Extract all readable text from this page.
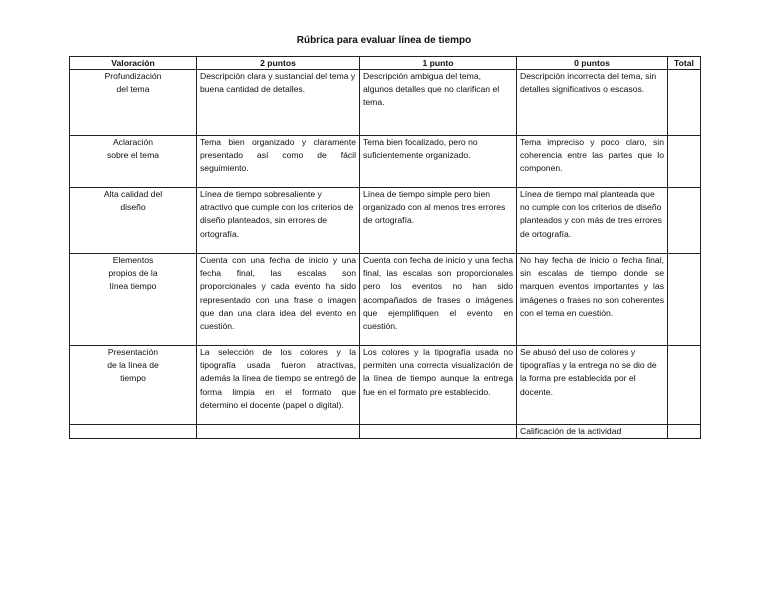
Rúbrica para evaluar línea de tiempo
Valoración	2 puntos	1 punto	0 puntos	Total
Profundización
del tema	Descripción clara y sustancial del tema y buena cantidad de detalles.	Descripción ambigua del tema, algunos detalles que no clarifican el tema.	Descripción incorrecta del tema, sin detalles significativos o escasos.	
Aclaración
sobre el tema	Tema bien organizado y claramente presentado así como de fácil seguimiento.	Tema bien focalizado, pero no suficientemente organizado.	Tema impreciso y poco claro, sin coherencia entre las partes que lo componen.	
Alta calidad del
diseño	Línea de tiempo sobresaliente y atractivo que cumple con los criterios de diseño planteados, sin errores de ortografía.	Línea de tiempo simple pero bien organizado con al menos tres errores de ortografía.	Línea de tiempo mal planteada que no cumple con los criterios de diseño planteados y con más de tres errores de ortografía.	
Elementos
propios de la
línea tiempo	Cuenta con una fecha de inicio y una fecha final, las escalas son proporcionales y cada evento ha sido representado con una frase o imagen que dan una clara idea del evento en cuestión.	Cuenta con fecha de inicio y una fecha final, las escalas son proporcionales pero los eventos no han sido acompañados de frases o imágenes que ejemplifiquen el evento en cuestión.	No hay fecha de inicio o fecha final, sin escalas de tiempo donde se marquen eventos importantes y las imágenes o frases no son coherentes con el tema en cuestión.	
Presentación
de la línea de
tiempo	La selección de los colores y la tipografía usada fueron atractivas, además la línea de tiempo se entregó de forma limpia en el formato que determino el docente (papel o digital).	Los colores y la tipografía usada no permiten una correcta visualización de la línea de tiempo aunque la entrega fue en el formato pre establecido.	Se abusó del uso de colores y tipografías y la entrega no se dio de la forma pre establecida por el docente.	
			Calificación de la actividad	
